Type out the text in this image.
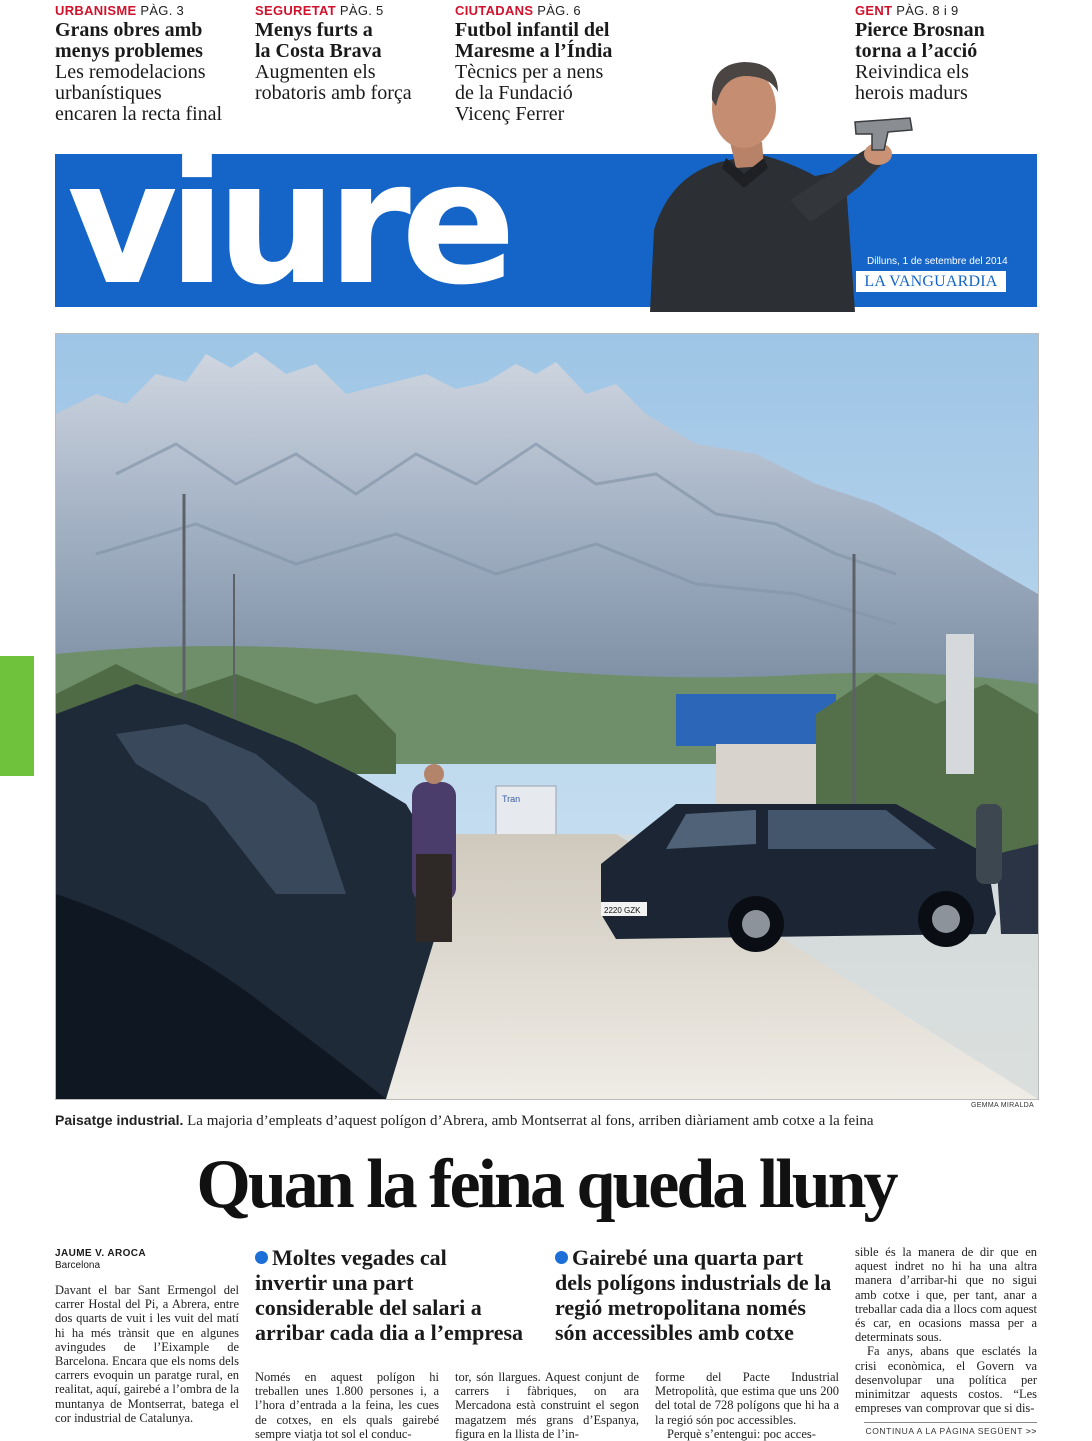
URBANISME PÀG. 3
Grans obres amb
menys problemes
Les remodelacions
urbanístiques
encaren la recta final
SEGURETAT PÀG. 5
Menys furts a
la Costa Brava
Augmenten els
robatoris amb força
CIUTADANS PÀG. 6
Futbol infantil del
Maresme a l’Índia
Tècnics per a nens
de la Fundació
Vicenç Ferrer
GENT PÀG. 8 i 9
Pierce Brosnan
torna a l’acció
Reivindica els
herois madurs
viure	Dilluns, 1 de setembre del 2014
LA VANGUARDIA
Tran
2220 GZK
GEMMA MIRALDA
Paisatge industrial. La majoria d’empleats d’aquest polígon d’Abrera, amb Montserrat al fons, arriben diàriament amb cotxe a la feina
Quan la feina queda lluny
JAUME V. AROCA
Barcelona
Davant el bar Sant Ermengol del carrer Hostal del Pi, a Abrera, entre dos quarts de vuit i les vuit del matí hi ha més trànsit que en algunes avingudes de l’Eixample de Barcelona. Encara que els noms dels carrers evoquin un paratge rural, en realitat, aquí, gairebé a l’ombra de la muntanya de Montserrat, batega el cor industrial de Catalunya.
Moltes vegades cal
invertir una part
considerable del salari a
arribar cada dia a l’empresa
Gairebé una quarta part
dels polígons industrials de la
regió metropolitana només
són accessibles amb cotxe
Només en aquest polígon hi treballen unes 1.800 persones i, a l’hora d’entrada a la feina, les cues de cotxes, en els quals gairebé sempre viatja tot sol el conduc-
tor, són llargues. Aquest conjunt de carrers i fàbriques, on ara Mercadona està construint el segon magatzem més grans d’Espanya, figura en la llista de l’in-
forme del Pacte Industrial Metropolità, que estima que uns 200 del total de 728 polígons que hi ha a la regió són poc accessibles.
Perquè s’entengui: poc acces-
sible és la manera de dir que en aquest indret no hi ha una altra manera d’arribar-hi que no sigui amb cotxe i que, per tant, anar a treballar cada dia a llocs com aquest és car, en ocasions massa per a determinats sous.
Fa anys, abans que esclatés la crisi econòmica, el Govern va desenvolupar una política per minimitzar aquests costos. “Les empreses van comprovar que si dis-
CONTINUA A LA PÀGINA SEGÜENT >>
